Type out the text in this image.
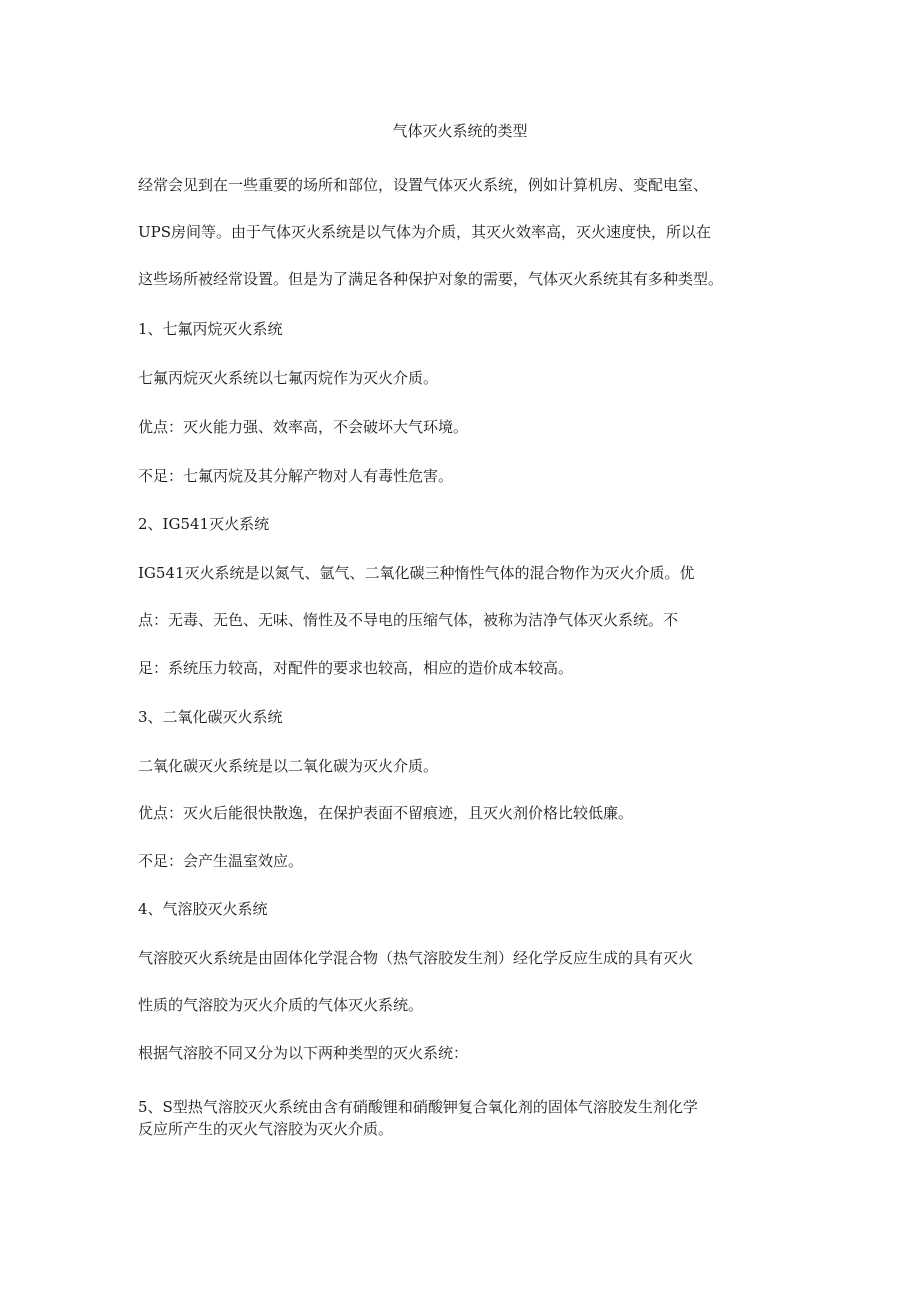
气体灭火系统的类型
经常会见到在一些重要的场所和部位，设置气体灭火系统，例如计算机房、变配电室、
UPS房间等。由于气体灭火系统是以气体为介质，其灭火效率高，灭火速度快，所以在
这些场所被经常设置。但是为了满足各种保护对象的需要，气体灭火系统其有多种类型。
1、七氟丙烷灭火系统
七氟丙烷灭火系统以七氟丙烷作为灭火介质。
优点：灭火能力强、效率高，不会破坏大气环境。
不足：七氟丙烷及其分解产物对人有毒性危害。
2、IG541灭火系统
IG541灭火系统是以氮气、氩气、二氧化碳三种惰性气体的混合物作为灭火介质。优
点：无毒、无色、无味、惰性及不导电的压缩气体，被称为洁净气体灭火系统。不
足：系统压力较高，对配件的要求也较高，相应的造价成本较高。
3、二氧化碳灭火系统
二氧化碳灭火系统是以二氧化碳为灭火介质。
优点：灭火后能很快散逸，在保护表面不留痕迹，且灭火剂价格比较低廉。
不足：会产生温室效应。
4、气溶胶灭火系统
气溶胶灭火系统是由固体化学混合物（热气溶胶发生剂）经化学反应生成的具有灭火
性质的气溶胶为灭火介质的气体灭火系统。
根据气溶胶不同又分为以下两种类型的灭火系统：
5、S型热气溶胶灭火系统由含有硝酸锂和硝酸钾复合氧化剂的固体气溶胶发生剂化学
反应所产生的灭火气溶胶为灭火介质。
